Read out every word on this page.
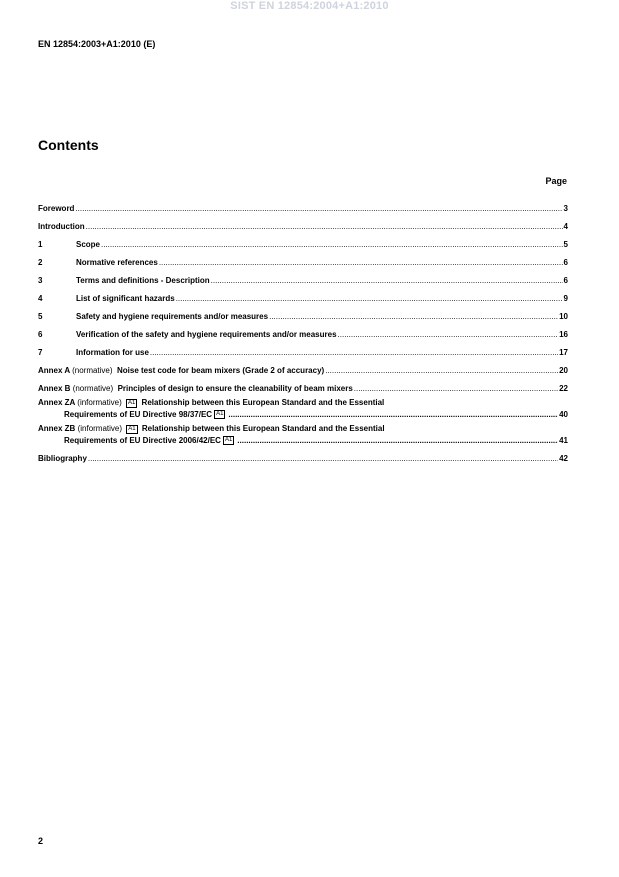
SIST EN 12854:2004+A1:2010
EN 12854:2003+A1:2010 (E)
Contents
Page
Foreword .....	3
Introduction .....	4
1	Scope .....	5
2	Normative references .....	6
3	Terms and definitions - Description .....	6
4	List of significant hazards .....	9
5	Safety and hygiene requirements and/or measures .....	10
6	Verification of the safety and hygiene requirements and/or measures .....	16
7	Information for use .....	17
Annex A (normative) Noise test code for beam mixers (Grade 2 of accuracy) .....	20
Annex B (normative) Principles of design to ensure the cleanability of beam mixers .....	22
Annex ZA (informative) A1 Relationship between this European Standard and the Essential
Requirements of EU Directive 98/37/EC A1 .....	40
Annex ZB (informative) A1 Relationship between this European Standard and the Essential
Requirements of EU Directive 2006/42/EC A1 .....	41
Bibliography .....	42
2
